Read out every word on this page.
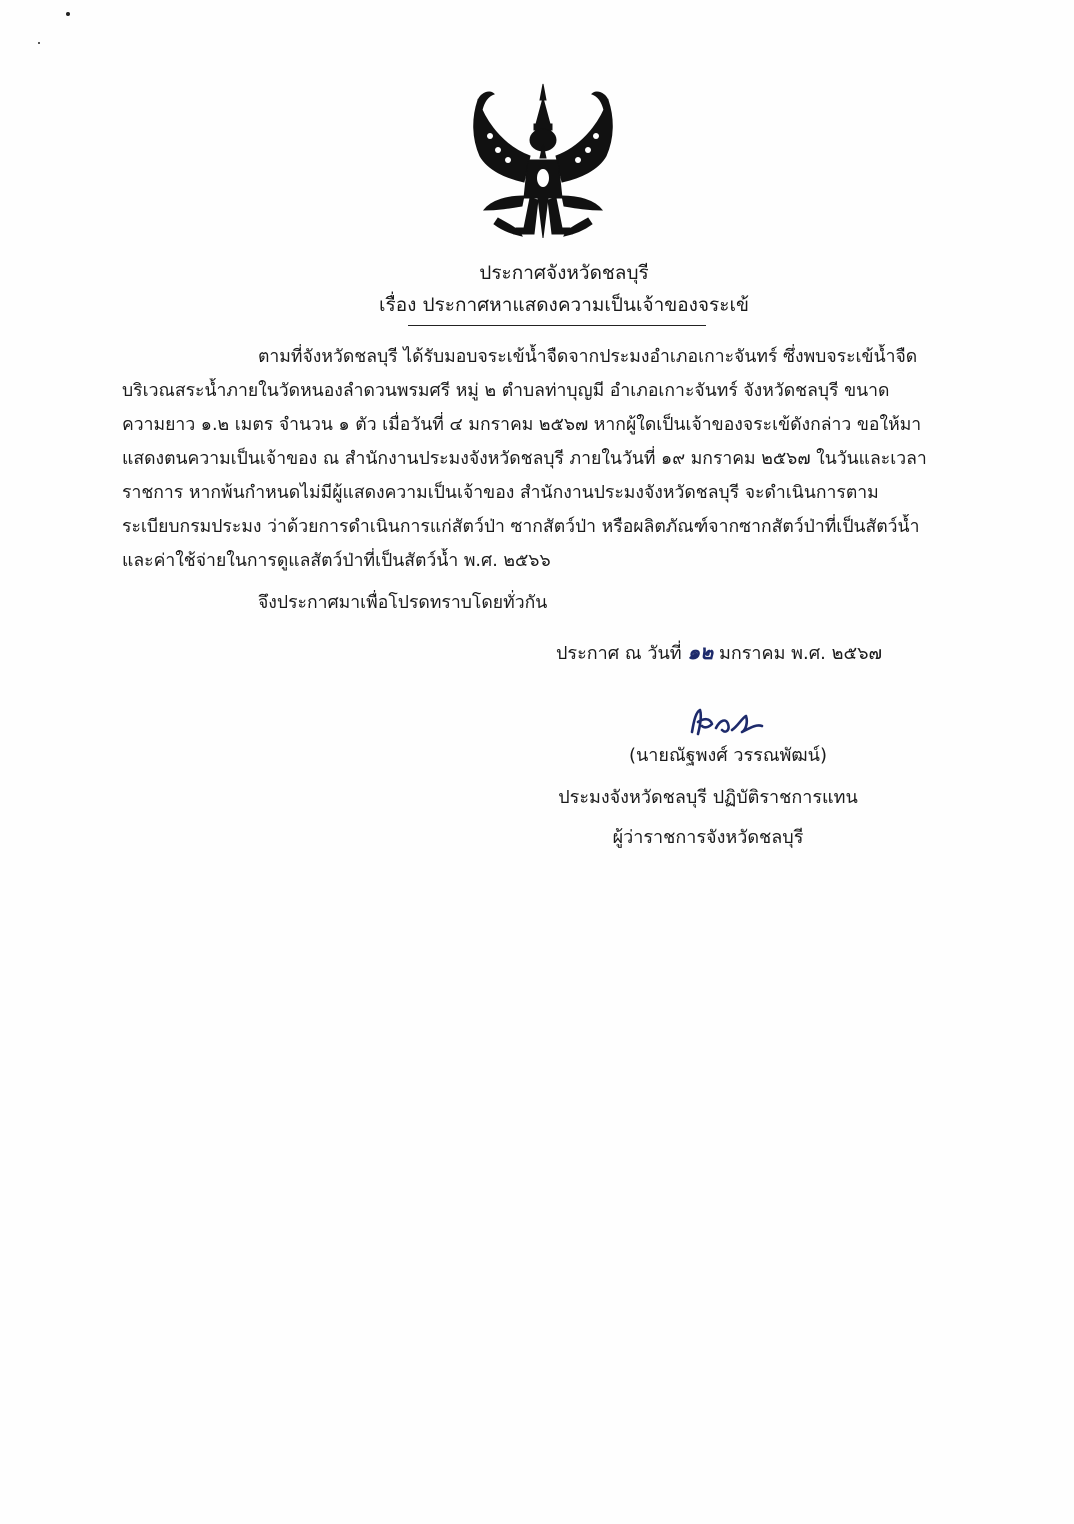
ประกาศจังหวัดชลบุรี
เรื่อง ประกาศหาแสดงความเป็นเจ้าของจระเข้
ตามที่จังหวัดชลบุรี ได้รับมอบจระเข้น้ำจืดจากประมงอำเภอเกาะจันทร์ ซึ่งพบจระเข้น้ำจืด
บริเวณสระน้ำภายในวัดหนองลำดวนพรมศรี หมู่ ๒ ตำบลท่าบุญมี อำเภอเกาะจันทร์ จังหวัดชลบุรี ขนาด
ความยาว ๑.๒ เมตร จำนวน ๑ ตัว เมื่อวันที่ ๔ มกราคม ๒๕๖๗ หากผู้ใดเป็นเจ้าของจระเข้ดังกล่าว ขอให้มา
แสดงตนความเป็นเจ้าของ ณ สำนักงานประมงจังหวัดชลบุรี ภายในวันที่ ๑๙ มกราคม ๒๕๖๗ ในวันและเวลา
ราชการ หากพ้นกำหนดไม่มีผู้แสดงความเป็นเจ้าของ สำนักงานประมงจังหวัดชลบุรี จะดำเนินการตาม
ระเบียบกรมประมง ว่าด้วยการดำเนินการแก่สัตว์ป่า ซากสัตว์ป่า หรือผลิตภัณฑ์จากซากสัตว์ป่าที่เป็นสัตว์น้ำ
และค่าใช้จ่ายในการดูแลสัตว์ป่าที่เป็นสัตว์น้ำ พ.ศ. ๒๕๖๖
จึงประกาศมาเพื่อโปรดทราบโดยทั่วกัน
ประกาศ ณ วันที่ ๑๒ มกราคม พ.ศ. ๒๕๖๗
(นายณัฐพงศ์ วรรณพัฒน์)
ประมงจังหวัดชลบุรี ปฏิบัติราชการแทน
ผู้ว่าราชการจังหวัดชลบุรี
